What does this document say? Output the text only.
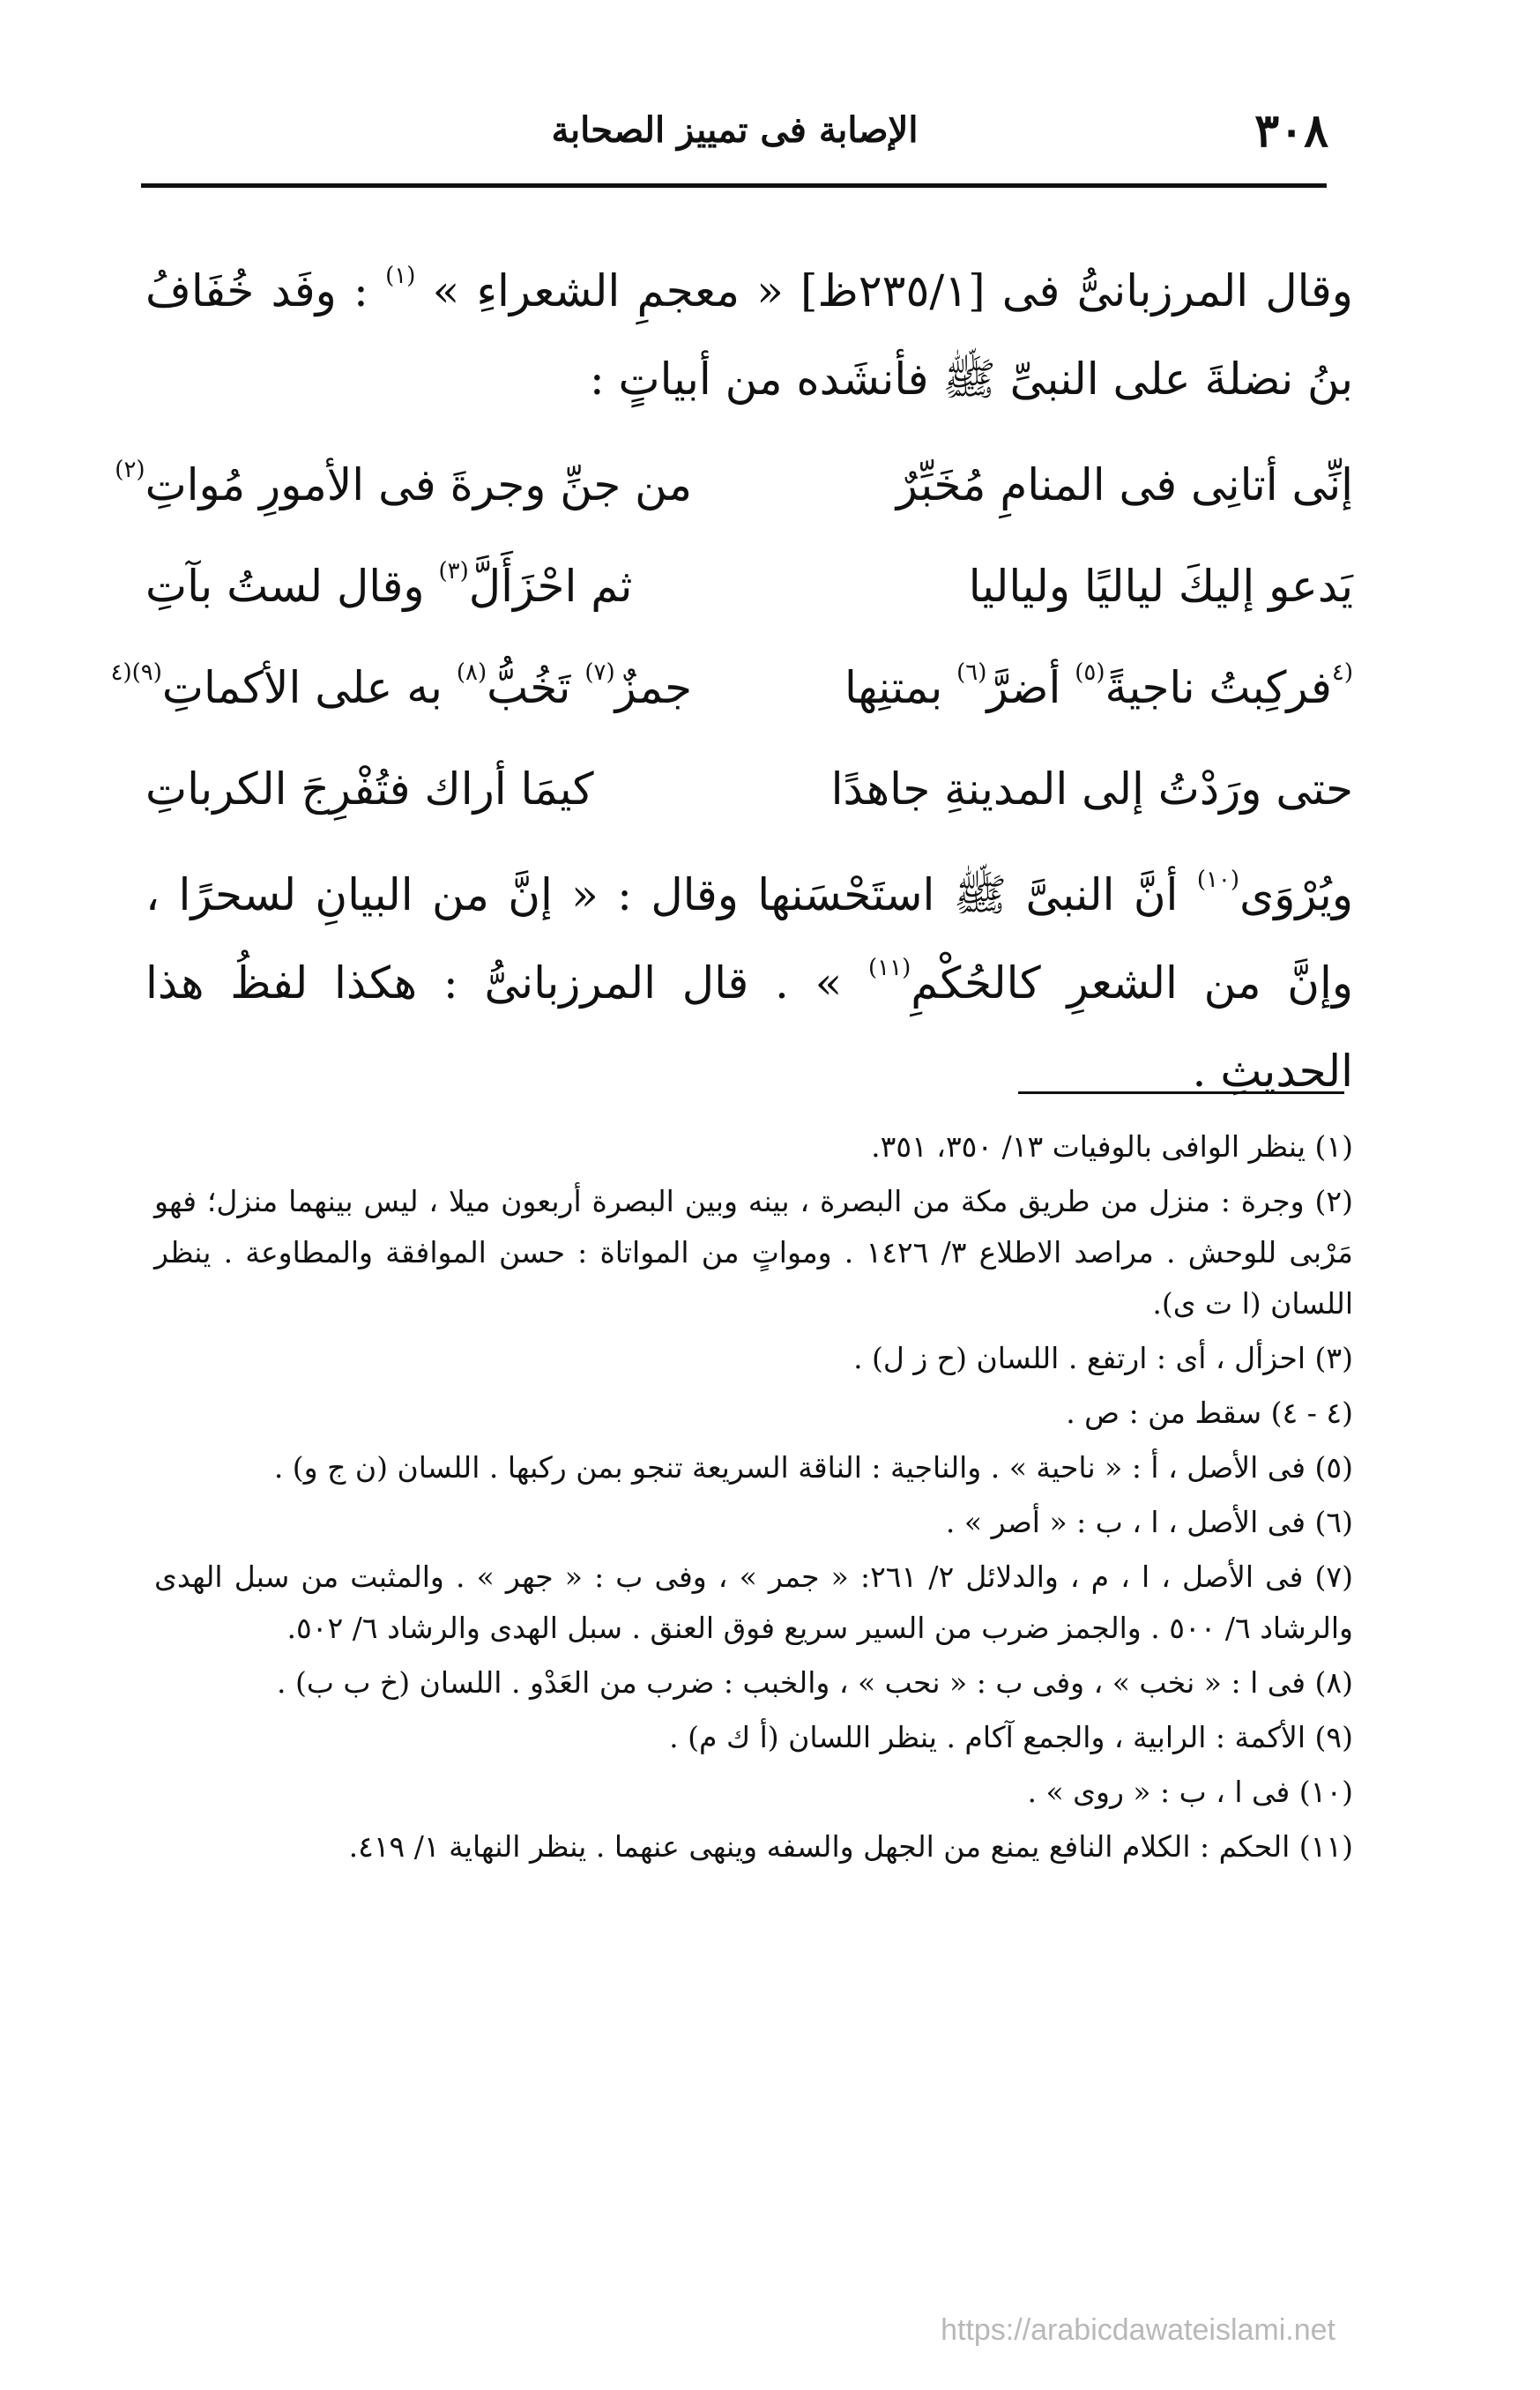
٣٠٨
الإصابة فى تمييز الصحابة
وقال المرزبانىُّ فى [٢٣٥/١ظ] « معجمِ الشعراءِ » $^{(١)}$ : وفَد خُفَافُ بنُ نضلةَ على النبىِّ ﷺ فأنشَده من أبياتٍ :
إنِّى أتانِى فى المنامِ مُخَبِّرٌ
من جنِّ وجرةَ فى الأمورِ مُواتِ$^{(٢)}$
يَدعو إليكَ لياليًا ولياليا
ثم احْزَأَلَّ$^{(٣)}$ وقال لستُ بآتِ
$^{(٤}$فركِبتُ ناجيةً$^{(٥)}$ أضرَّ$^{(٦)}$ بمتنِها
جمزٌ$^{(٧)}$ تَخُبُّ$^{(٨)}$ به على الأكماتِ$^{(٩)(٤}$
حتى ورَدْتُ إلى المدينةِ جاهدًا
كيمَا أراك فتُفْرِجَ الكرباتِ
ويُرْوَى$^{(١٠)}$ أنَّ النبىَّ ﷺ استَحْسَنها وقال : « إنَّ من البيانِ لسحرًا ، وإنَّ من الشعرِ كالحُكْمِ$^{(١١)}$ » . قال المرزبانىُّ : هكذا لفظُ هذا الحديثِ .

(١) ينظر الوافى بالوفيات ١٣/ ٣٥٠، ٣٥١.

(٢) وجرة : منزل من طريق مكة من البصرة ، بينه وبين البصرة أربعون ميلا ، ليس بينهما منزل؛ فهو مَرْبى للوحش . مراصد الاطلاع ٣/ ١٤٢٦ . ومواتٍ من المواتاة : حسن الموافقة والمطاوعة . ينظر اللسان (ا ت ى).

(٣) احزأل ، أى : ارتفع . اللسان (ح ز ل) .

(٤ - ٤) سقط من : ص .

(٥) فى الأصل ، أ : « ناحية » . والناجية : الناقة السريعة تنجو بمن ركبها . اللسان (ن ج و) .

(٦) فى الأصل ، ا ، ب : « أصر » .

(٧) فى الأصل ، ا ، م ، والدلائل ٢/ ٢٦١: « جمر » ، وفى ب : « جهر » . والمثبت من سبل الهدى والرشاد ٦/ ٥٠٠ . والجمز ضرب من السير سريع فوق العنق . سبل الهدى والرشاد ٦/ ٥٠٢.

(٨) فى ا : « نخب » ، وفى ب : « نحب » ، والخبب : ضرب من العَدْو . اللسان (خ ب ب) .

(٩) الأكمة : الرابية ، والجمع آكام . ينظر اللسان (أ ك م) .

(١٠) فى ا ، ب : « روى » .

(١١) الحكم : الكلام النافع يمنع من الجهل والسفه وينهى عنهما . ينظر النهاية ١/ ٤١٩.

https://arabicdawateislami.net
